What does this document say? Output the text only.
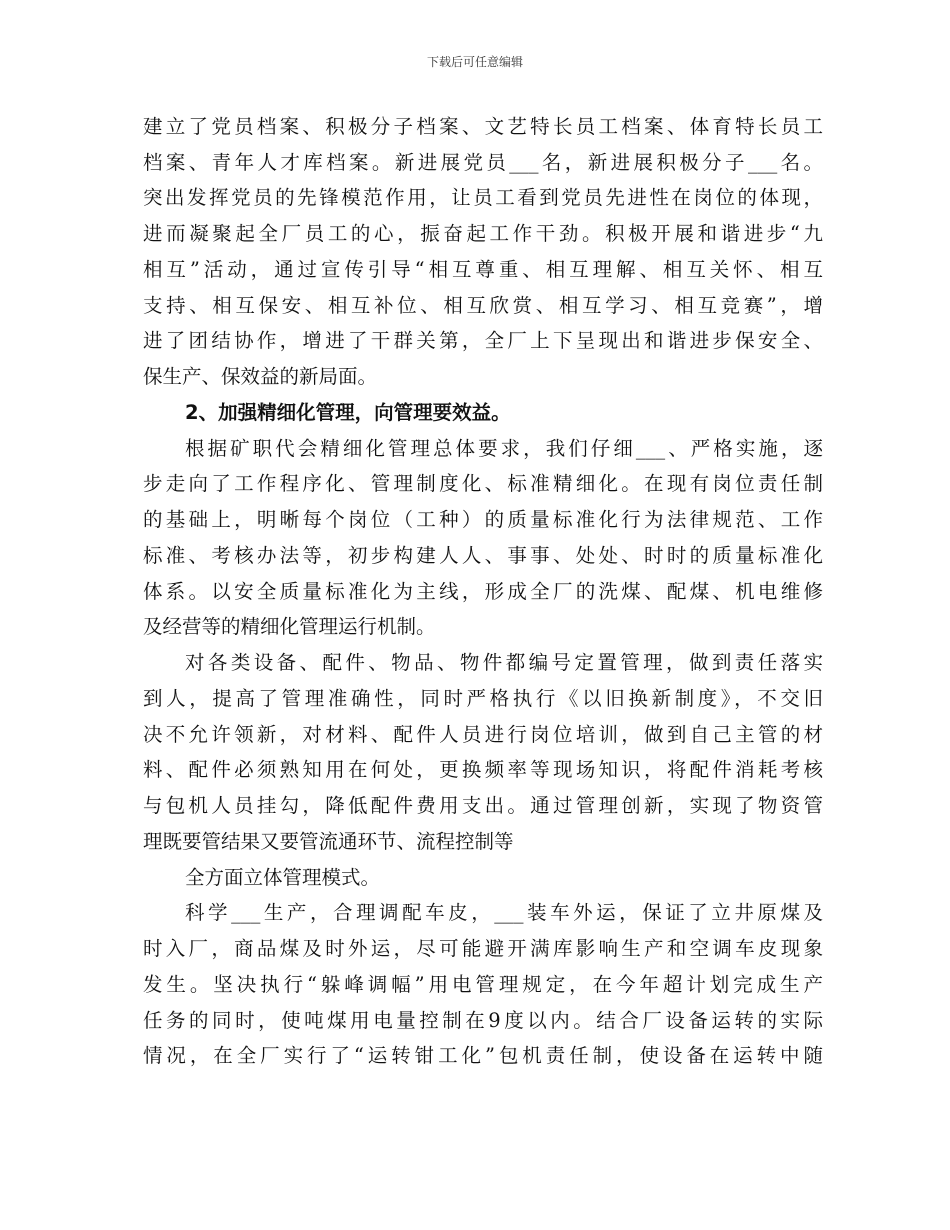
下载后可任意编辑
建立了党员档案、积极分子档案、文艺特长员工档案、体育特长员工
档案、青年人才库档案。新进展党员___名，新进展积极分子___名。
突出发挥党员的先锋模范作用，让员工看到党员先进性在岗位的体现，
进而凝聚起全厂员工的心，振奋起工作干劲。积极开展和谐进步“九
相互”活动，通过宣传引导“相互尊重、相互理解、相互关怀、相互
支持、相互保安、相互补位、相互欣赏、相互学习、相互竞赛”，增
进了团结协作，增进了干群关第，全厂上下呈现出和谐进步保安全、
保生产、保效益的新局面。
2、加强精细化管理，向管理要效益。
根据矿职代会精细化管理总体要求，我们仔细___、严格实施，逐
步走向了工作程序化、管理制度化、标准精细化。在现有岗位责任制
的基础上，明晰每个岗位（工种）的质量标准化行为法律规范、工作
标准、考核办法等，初步构建人人、事事、处处、时时的质量标准化
体系。以安全质量标准化为主线，形成全厂的洗煤、配煤、机电维修
及经营等的精细化管理运行机制。
对各类设备、配件、物品、物件都编号定置管理，做到责任落实
到人，提高了管理准确性，同时严格执行《以旧换新制度》，不交旧
决不允许领新，对材料、配件人员进行岗位培训，做到自己主管的材
料、配件必须熟知用在何处，更换频率等现场知识，将配件消耗考核
与包机人员挂勾，降低配件费用支出。通过管理创新，实现了物资管
理既要管结果又要管流通环节、流程控制等
全方面立体管理模式。
科学___生产，合理调配车皮，___装车外运，保证了立井原煤及
时入厂，商品煤及时外运，尽可能避开满库影响生产和空调车皮现象
发生。坚决执行“躲峰调幅”用电管理规定，在今年超计划完成生产
任务的同时，使吨煤用电量控制在9度以内。结合厂设备运转的实际
情况，在全厂实行了“运转钳工化”包机责任制，使设备在运转中随
